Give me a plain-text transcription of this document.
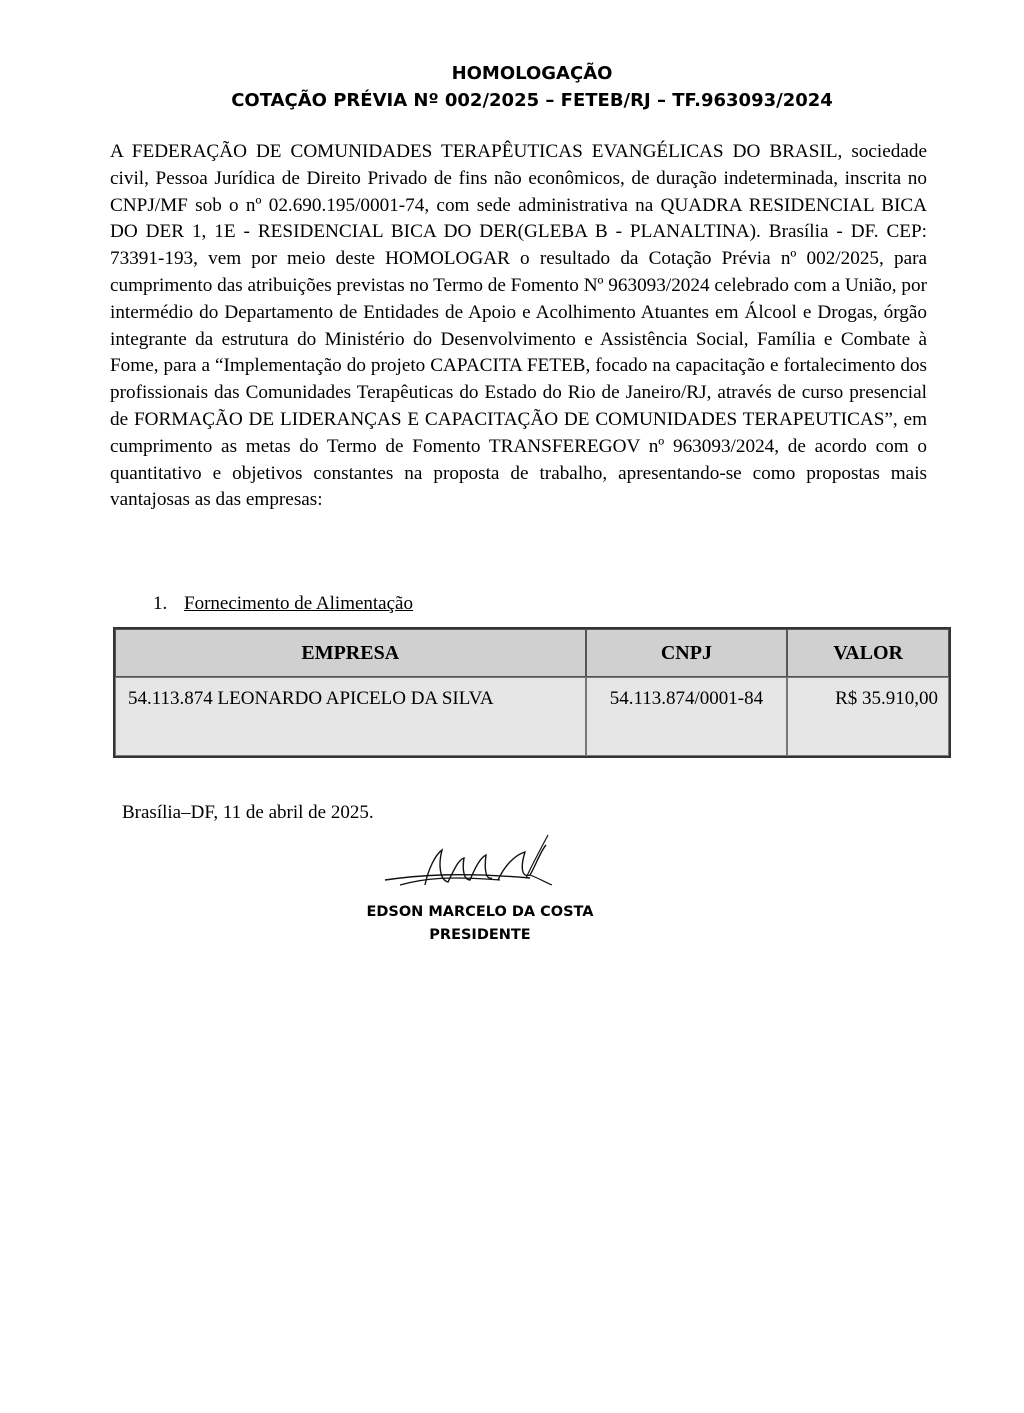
HOMOLOGAÇÃO
COTAÇÃO PRÉVIA Nº 002/2025 – FETEB/RJ – TF.963093/2024
A FEDERAÇÃO DE COMUNIDADES TERAPÊUTICAS EVANGÉLICAS DO BRASIL, sociedade civil, Pessoa Jurídica de Direito Privado de fins não econômicos, de duração indeterminada, inscrita no CNPJ/MF sob o nº 02.690.195/0001-74, com sede administrativa na QUADRA RESIDENCIAL BICA DO DER 1, 1E - RESIDENCIAL BICA DO DER(GLEBA B - PLANALTINA). Brasília - DF. CEP: 73391-193, vem por meio deste HOMOLOGAR o resultado da Cotação Prévia nº 002/2025, para cumprimento das atribuições previstas no Termo de Fomento Nº 963093/2024 celebrado com a União, por intermédio do Departamento de Entidades de Apoio e Acolhimento Atuantes em Álcool e Drogas, órgão integrante da estrutura do Ministério do Desenvolvimento e Assistência Social, Família e Combate à Fome, para a “Implementação do projeto CAPACITA FETEB, focado na capacitação e fortalecimento dos profissionais das Comunidades Terapêuticas do Estado do Rio de Janeiro/RJ, através de curso presencial de FORMAÇÃO DE LIDERANÇAS E CAPACITAÇÃO DE COMUNIDADES TERAPEUTICAS”, em cumprimento as metas do Termo de Fomento TRANSFEREGOV nº 963093/2024, de acordo com o quantitativo e objetivos constantes na proposta de trabalho, apresentando-se como propostas mais vantajosas as das empresas:
1. Fornecimento de Alimentação
EMPRESA	CNPJ	VALOR
54.113.874 LEONARDO APICELO DA SILVA	54.113.874/0001-84	R$ 35.910,00
Brasília–DF, 11 de abril de 2025.
EDSON MARCELO DA COSTA
PRESIDENTE
